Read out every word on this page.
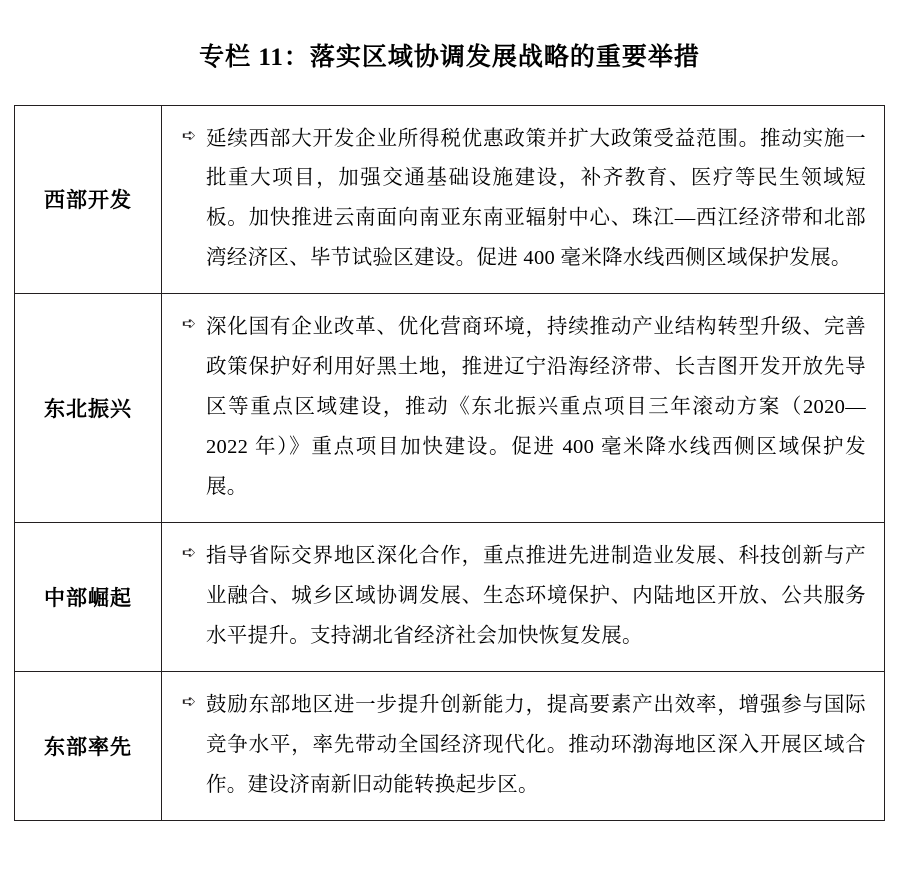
专栏 11：落实区域协调发展战略的重要举措
西部开发	➪ 延续西部大开发企业所得税优惠政策并扩大政策受益范围。推动实施一批重大项目，加强交通基础设施建设，补齐教育、医疗等民生领域短板。加快推进云南面向南亚东南亚辐射中心、珠江—西江经济带和北部湾经济区、毕节试验区建设。促进 400 毫米降水线西侧区域保护发展。

东北振兴	➪ 深化国有企业改革、优化营商环境，持续推动产业结构转型升级、完善政策保护好利用好黑土地，推进辽宁沿海经济带、长吉图开发开放先导区等重点区域建设，推动《东北振兴重点项目三年滚动方案（2020—2022 年）》重点项目加快建设。促进 400 毫米降水线西侧区域保护发展。

中部崛起	➪ 指导省际交界地区深化合作，重点推进先进制造业发展、科技创新与产业融合、城乡区域协调发展、生态环境保护、内陆地区开放、公共服务水平提升。支持湖北省经济社会加快恢复发展。

东部率先	➪ 鼓励东部地区进一步提升创新能力，提高要素产出效率，增强参与国际竞争水平，率先带动全国经济现代化。推动环渤海地区深入开展区域合作。建设济南新旧动能转换起步区。
